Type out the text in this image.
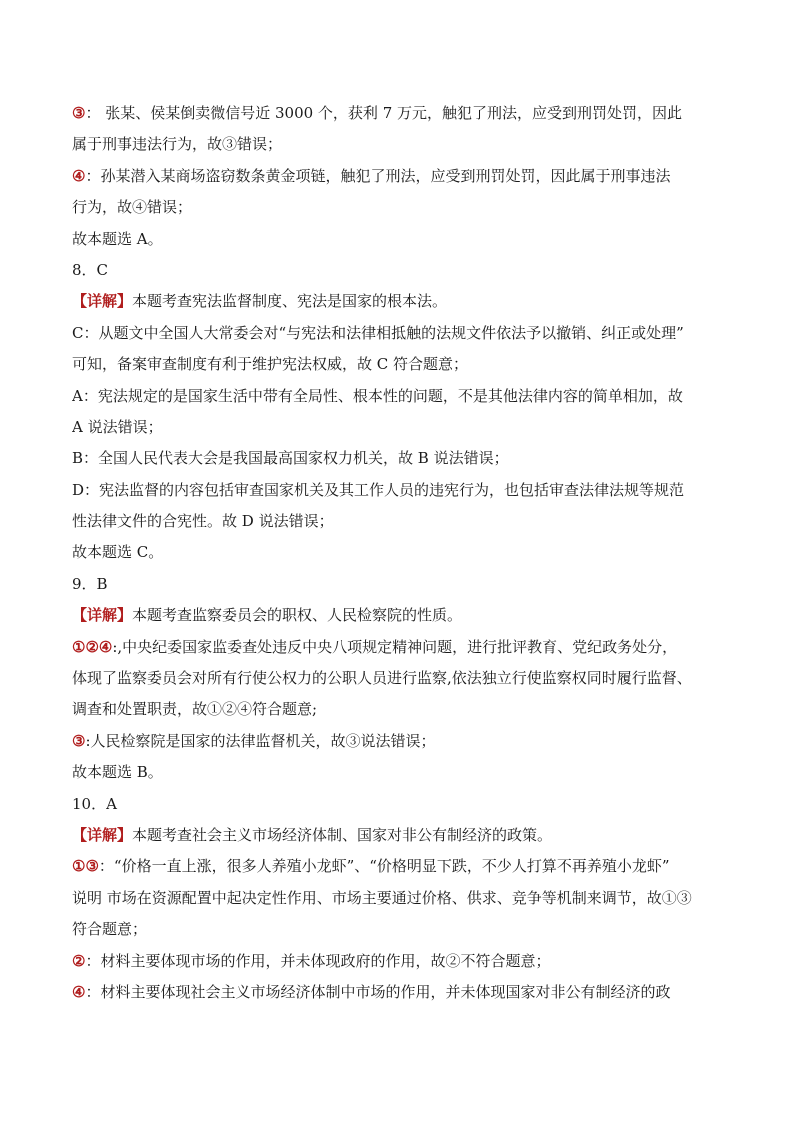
③： 张某、侯某倒卖微信号近 3000 个，获利 7 万元，触犯了刑法，应受到刑罚处罚，因此
属于刑事违法行为，故③错误；
④：孙某潜入某商场盗窃数条黄金项链，触犯了刑法，应受到刑罚处罚，因此属于刑事违法
行为，故④错误；
故本题选 A。
8．C
【详解】本题考查宪法监督制度、宪法是国家的根本法。
C：从题文中全国人大常委会对“与宪法和法律相抵触的法规文件依法予以撤销、纠正或处理”
可知，备案审查制度有利于维护宪法权威，故 C 符合题意；
A：宪法规定的是国家生活中带有全局性、根本性的问题，不是其他法律内容的简单相加，故
A 说法错误；
B：全国人民代表大会是我国最高国家权力机关，故 B 说法错误；
D：宪法监督的内容包括审查国家机关及其工作人员的违宪行为，也包括审查法律法规等规范
性法律文件的合宪性。故 D 说法错误；
故本题选 C。
9．B
【详解】本题考查监察委员会的职权、人民检察院的性质。
①②④:,中央纪委国家监委查处违反中央八项规定精神问题，进行批评教育、党纪政务处分，
体现了监察委员会对所有行使公权力的公职人员进行监察,依法独立行使监察权同时履行监督、
调查和处置职责，故①②④符合题意;
③:人民检察院是国家的法律监督机关，故③说法错误；
故本题选 B。
10．A
【详解】本题考查社会主义市场经济体制、国家对非公有制经济的政策。
①③：“价格一直上涨，很多人养殖小龙虾”、“价格明显下跌，不少人打算不再养殖小龙虾”
说明 市场在资源配置中起决定性作用、市场主要通过价格、供求、竞争等机制来调节，故①③
符合题意；
②：材料主要体现市场的作用，并未体现政府的作用，故②不符合题意；
④：材料主要体现社会主义市场经济体制中市场的作用，并未体现国家对非公有制经济的政
